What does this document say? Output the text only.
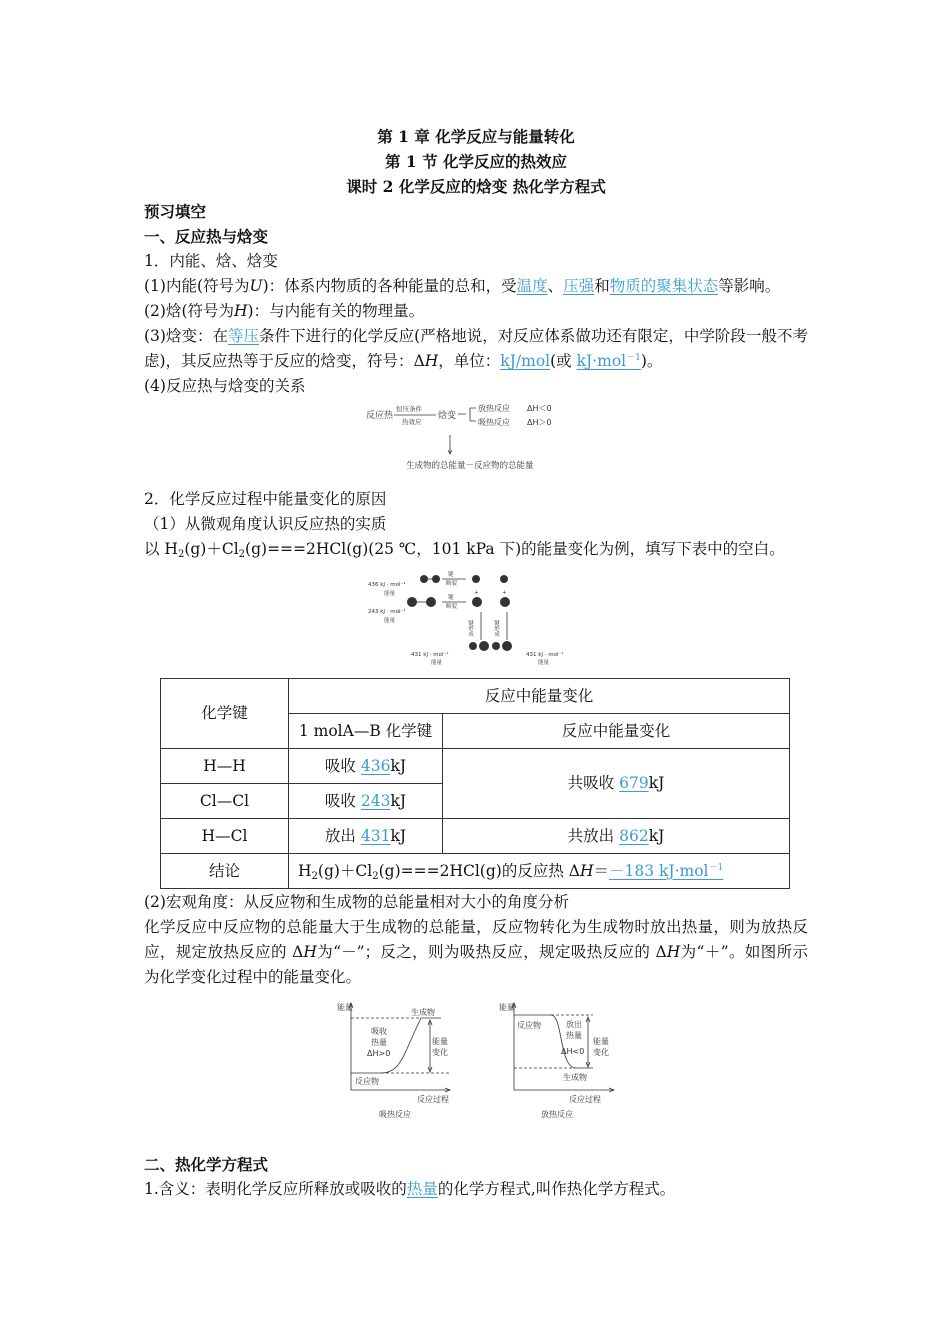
第 1 章 化学反应与能量转化
第 1 节 化学反应的热效应
课时 2 化学反应的焓变 热化学方程式
预习填空
一、反应热与焓变

1．内能、焓、焓变

(1)内能(符号为U)：体系内物质的各种能量的总和，受温度、压强和物质的聚集状态等影响。

(2)焓(符号为H)：与内能有关的物理量。

(3)焓变：在等压条件下进行的化学反应(严格地说，对反应体系做功还有限定，中学阶段一般不考虑)，其反应热等于反应的焓变，符号：ΔH，单位：kJ/mol(或 kJ·mol$^{-1}$)。

(4)反应热与焓变的关系

反应热
恒压条件
热效应
焓变
放热反应 ΔH＜0
吸热反应 ΔH＞0
生成物的总能量－反应物的总能量

2．化学反应过程中能量变化的原因

（1）从微观角度认识反应热的实质

以 $H_2(g)+Cl_2(g)===2HCl(g)(25$ ℃，101 kPa 下)的能量变化为例，填写下表中的空白。

436 kJ · mol⁻¹
能量
键
断裂
+	+
243 kJ · mol⁻¹
能量
键
断裂
键形成	键形成
431 kJ · mol⁻¹
能量
431 kJ · mol⁻¹
能量
化学键	反应中能量变化	
	1 molA—B 化学键	反应中能量变化
H—H	吸收 436kJ	共吸收 679kJ
Cl—Cl	吸收 243kJ	
H—Cl	放出 431kJ	共放出 862kJ
结论	$H_2(g)+Cl_2(g)===2HCl(g)$的反应热 ΔH＝－183 kJ·mol$^{-1}$

(2)宏观角度：从反应物和生成物的总能量相对大小的角度分析

化学反应中反应物的总能量大于生成物的总能量，反应物转化为生成物时放出热量，则为放热反应，规定放热反应的 ΔH为“－”；反之，则为吸热反应，规定吸热反应的 ΔH为“＋”。如图所示为化学变化过程中的能量变化。

能量
生成物
吸收
热量
ΔH>0
能量
变化
反应物
反应过程
吸热反应
能量
反应物	放出
热量
ΔH<0
能量
变化
生成物
反应过程
放热反应
二、热化学方程式

1.含义：表明化学反应所释放或吸收的热量的化学方程式,叫作热化学方程式。
